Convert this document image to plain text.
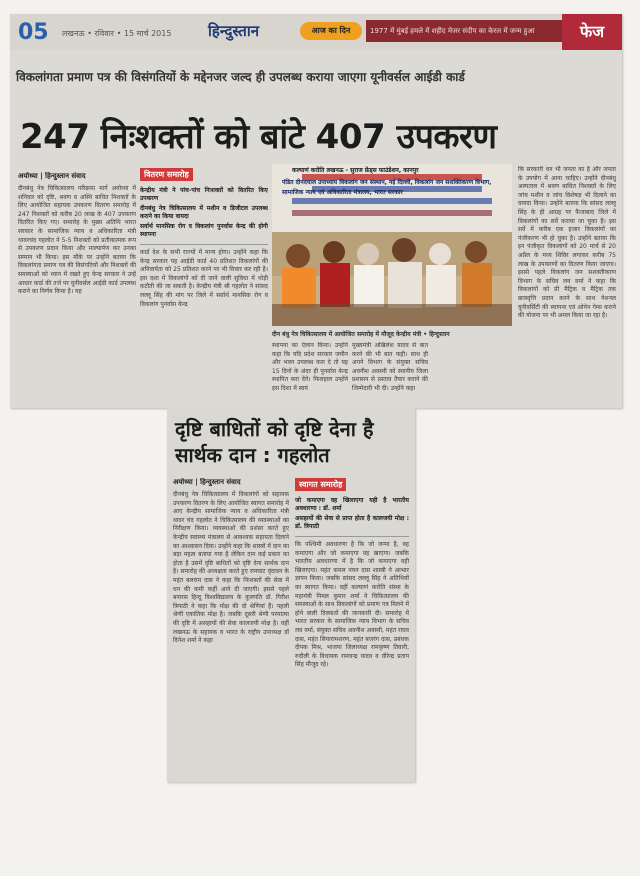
05 लखनऊ • रविवार • 15 मार्च 2015 हिन्दुस्तान	आज का दिन	1977 में मुंबई हमले में शहीद मेजर संदीप का केरल में जन्म हुआ	फेज
विकलांगता प्रमाण पत्र की विसंगतियों के मद्देनजर जल्द ही उपलब्ध कराया जाएगा यूनीवर्सल आईडी कार्ड
247 निःशक्तों को बांटे 407 उपकरण
अयोध्या | हिन्दुस्तान संवाद
दीनबंधु नेत्र चिकित्सालय परिक्रमा मार्ग अयोध्या में शनिवार को दृष्टि, श्रवण व अस्थि बाधित निशक्तों के लिए आयोजित सहायक उपकरण वितरण समारोह में 247 निशक्तों को करीब 20 लाख के 407 उपकरण वितरित किए गए। समारोह के मुख्य अतिथि भारत सरकार के सामाजिक न्याय व अधिकारिता मंत्री थावरचंद गहलोत ने 5-5 निशक्तों को प्रतीकात्मक रूप से उपकरण प्रदान किया और माल्यार्पण कर उनका सम्मान भी किया। इस मौके पर उन्होंने बताया कि विकलांगता प्रमाण पत्र की विसंगतियों और निशक्तों की समस्याओं को ध्यान में रखते हुए केन्द्र सरकार ने उन्हें आधार कार्ड की तर्ज पर यूनीवर्सल आईडी कार्ड उपलब्ध कराने का निर्णय किया है। यह
वितरण समारोह
केन्द्रीय मंत्री ने पांच-पांच निःशक्तों को वितरित किए उपकरण
दीनबंधु नेत्र चिकित्सालय में मशीन व डिजीटल उपलब्ध कराने का किया वायदा
सर्वार्थ मानसिक रोग व विकलांग पुनर्वास केन्द्र की होगी स्थापना
कार्ड देश के सभी राज्यों में मान्य होगा। उन्होंने कहा कि केन्द्र सरकार यह आईडी कार्ड 40 प्रतिशत विकलांगों की अनिवार्यता को 25 प्रतिशत करने पर भी विचार कर रही है। इस दशा में विकलांगों को दी जाने वाली सुविधा में थोड़ी कटौती की जा सकती है। केन्द्रीय मंत्री श्री गहलोत ने सांसद लल्लू सिंह की मांग पर जिले में सर्वार्थ मानसिक रोग व विकलांग पुनर्वास केन्द्र
कल्याणं करोति लखनऊ - सुराज फ्रेंड्स फाउंडेशन, कानपुर
पंडित दीनदयाल उपाध्याय विकलांग जन संस्थान, नई दिल्ली, विकलांग जन सशक्तिकरण विभाग, सामाजिक न्याय एवं अधिकारिता मंत्रालय, भारत सरकार
दीन बंधु नेत्र चिकित्सालय में आयोजित समारोह में मौजूद केन्द्रीय मंत्री • हिन्दुस्तान
स्थापना का ऐलान किया। उन्होंने कहा कि यदि प्रदेश सरकार जमीन और भवन उपलब्ध करा दे तो यह 15 दिनों के अंदर ही पुनर्वास केन्द्र स्थापित करा देंगे। फिलहाल उन्होंने इस दिशा में स्वयं
मुख्यमंत्री अखिलेश यादव से बात करने की भी बात कही। साथ ही अपने विभाग के संयुक्त सचिव अवनीश अवस्थी को स्थानीय जिला प्रशासन से प्रस्ताव तैयार कराने की जिम्मेदारी भी दी। उन्होंने कहा
कि सरकारी धन भी जनता का है और जनता के उपयोग में आना चाहिए। उन्होंने दीनबंधु अस्पताल में श्रवण बाधित निशक्तों के लिए जांच मशीन व जांच विशेषज्ञ भी दिलाने का वायदा किया। उन्होंने बताया कि सांसद लल्लू सिंह के ही आग्रह पर फैजाबाद जिले में विकलांगों का सर्वे कराया जा चुका है। इस सर्वे में करीब एक हजार विकलांगों का पंजीकरण भी हो चुका है। उन्होंने बताया कि इन पंजीकृत विकलांगों को 20 मार्च से 20 अप्रैल के मध्य शिविर लगाकर करीब 75 लाख के उपकरणों का वितरण किया जाएगा। इससे पहले विकलांग जन सशक्तीकरण विभाग के सचिव लव वर्मा ने कहा कि विकलांगों को प्री मैट्रिक व मैट्रिक तक छात्रवृत्ति प्रदान करने के साथ नेशनल यूनीवर्सिटी की स्थापना एवं ओपेन गेम्स कराने की योजना पर भी अमल किया जा रहा है।
दृष्टि बाधितों को दृष्टि देना है सार्थक दान : गहलोत
अयोध्या | हिन्दुस्तान संवाद
दीनबंधु नेत्र चिकित्सालय में विकलांगों को सहायक उपकरण वितरण के लिए आयोजित स्वागत समारोह में आए केन्द्रीय सामाजिक न्याय व अधिकारिता मंत्री थावर चंद गहलोत ने चिकित्सालय की व्यवस्थाओं का निरीक्षण किया। व्यवस्थाओं की प्रशंसा करते हुए केन्द्रीय स्वास्थ्य मंत्रालय से आवश्यक सहायता दिलाने का आश्वासन दिया। उन्होंने कहा कि शास्त्रों में दान का बड़ा महत्व बताया गया है लेकिन दान कई प्रकार का होता है उसमें दृष्टि बाधितों को दृष्टि देना सार्थक दान है। समारोह की अध्यक्षता करते हुए रामघाट वृंदावन के महंत बलराम दास ने कहा कि निःशक्तों की सेवा में धन की कमी कहीं आने दी जाएगी। इससे पहले बनारस हिन्दू विश्वविद्यालय के कुलपति डॉ. गिरीश त्रिपाठी ने कहा कि मोक्ष की दो श्रेणियां हैं। पहली श्रेणी एकांतिक मोक्ष है। जबकि दूसरी श्रेणी परमात्मा की दृष्टि में असहायों की सेवा कालजयी मोक्ष है। वहीं लखनऊ के सहायक व भारत के राष्ट्रीय उपाध्यक्ष डॉ दिनेश शर्मा ने कहा
स्वागत समारोह
जो कमाएगा वह खिलाएगा यही है भारतीय अवधारणा : डॉ. शर्मा
असहायों की सेवा से प्राप्त होता है कालजयी मोक्ष : डॉ. त्रिपाठी
कि पश्चिमी अवधारणा है कि जो जन्मा है, वह कमाएगा और जो कमाएगा वह खाएगा। जबकि भारतीय अवधारणा में है कि जो कमाएगा वही खिलाएगा। महंत कमल नयन दास शास्त्री ने आभार ज्ञापन किया। जबकि सांसद लल्लू सिंह ने अतिथियों का स्वागत किया। वहीं कल्याणं करोति संस्था के महामंत्री निमल कुमार शर्मा ने चिकित्सालय की समस्याओं के साथ विकलांगों को प्रमाण पत्र मिलने में होने वाली दिक्कतों की जानकारी दी। समारोह में भारत सरकार के सामाजिक न्याय विभाग के सचिव लव वर्मा, संयुक्त सचिव अवनीश अवस्थी, महंत राघव दास, महंत सियारामशरण, महंत बजरंग दास, प्रबंधक दीपक मिश्र, भाजपा जिलाध्यक्ष रामकृष्ण तिवारी, रुदौली के विधायक रामचन्द्र यादव व वीरेन्द्र प्रताप सिंह मौजूद रहे।
